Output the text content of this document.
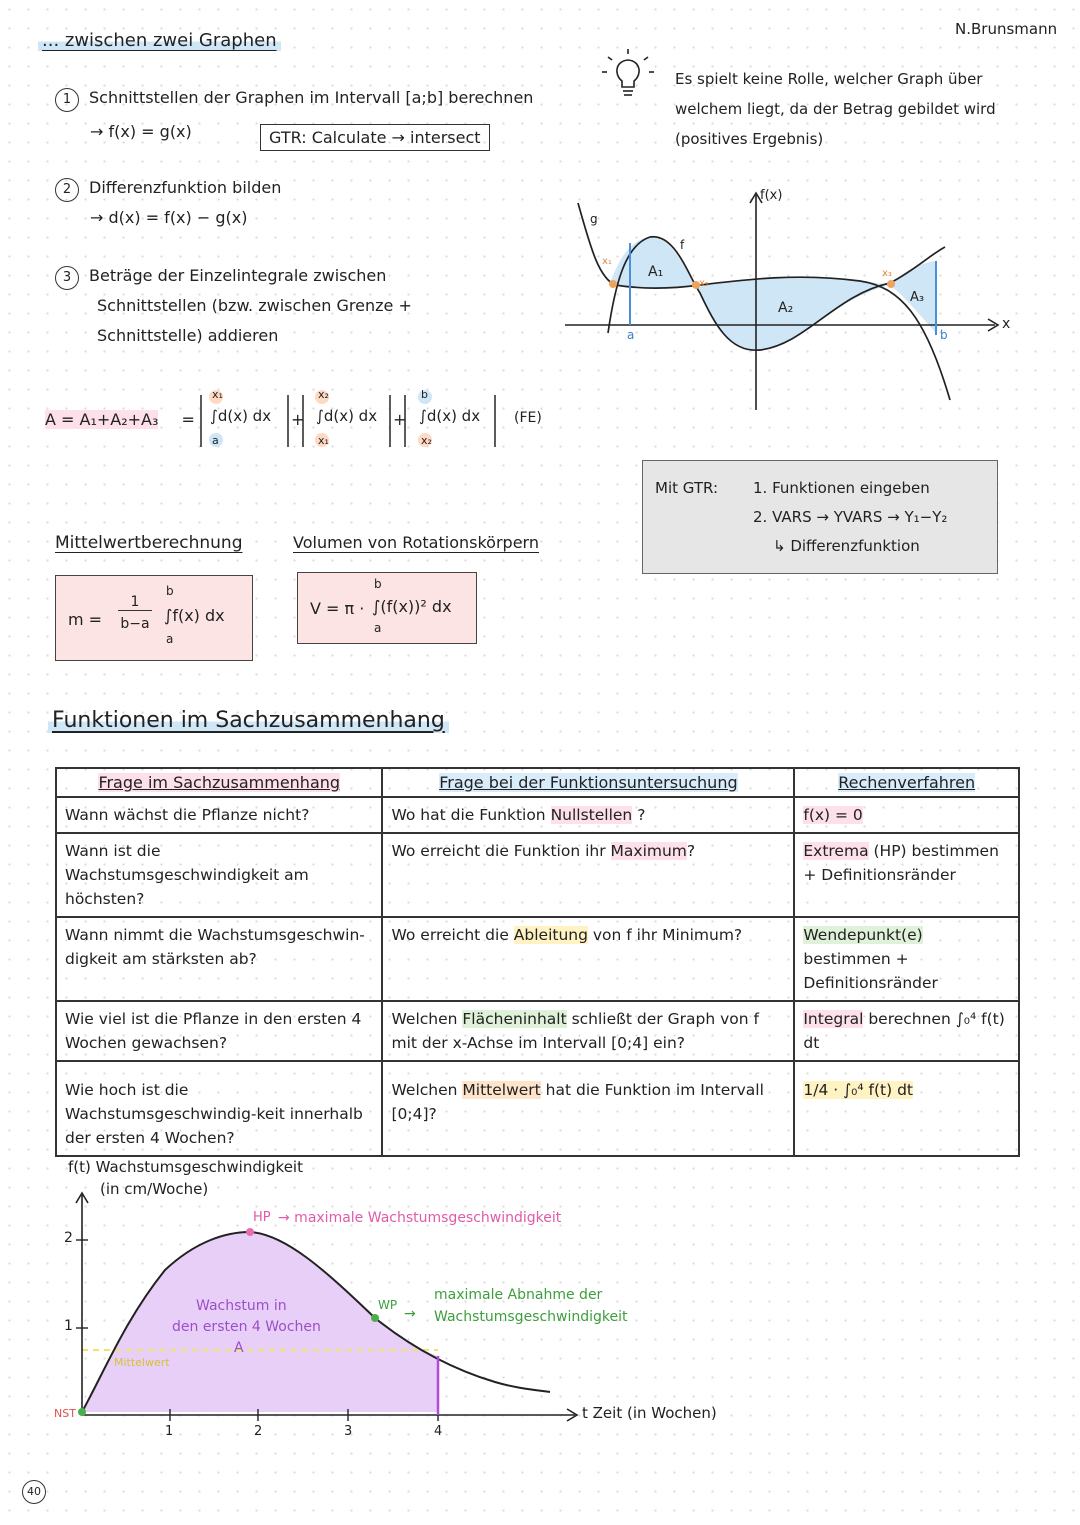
N.Brunsmann
... zwischen zwei Graphen
1 Schnittstellen der Graphen im Intervall [a;b] berechnen
→ f(x) = g(x)	GTR: Calculate → intersect
2 Differenzfunktion bilden
→ d(x) = f(x) − g(x)
3 Beträge der Einzelintegrale zwischen
Schnittstellen (bzw. zwischen Grenze +
Schnittstelle) addieren
A = A₁+A₂+A₃ =
x₁
∫d(x) dx
a
+
x₂
∫d(x) dx
x₁
+
b
∫d(x) dx
x₂
(FE)
Es spielt keine Rolle, welcher Graph über
welchem liegt, da der Betrag gebildet wird
(positives Ergebnis)
f(x)
x
g
f
a	b
x₁
x₂
x₃
A₁
A₂
A₃
Mit GTR: 1. Funktionen eingeben
2. VARS → YVARS → Y₁−Y₂
↳ Differenzfunktion
Mittelwertberechnung
m =
1
b−a
b
∫f(x) dx
a
Volumen von Rotationskörpern
V = π ·
b
∫(f(x))² dx
a
Funktionen im Sachzusammenhang
Frage im Sachzusammenhang	Frage bei der Funktionsuntersuchung	Rechenverfahren
Wann wächst die Pflanze nicht?	Wo hat die Funktion Nullstellen ?	f(x) = 0
Wann ist die Wachstumsgeschwindigkeit am höchsten?	Wo erreicht die Funktion ihr Maximum?	Extrema (HP) bestimmen + Definitionsränder
Wann nimmt die Wachstumsgeschwin-digkeit am stärksten ab?	Wo erreicht die Ableitung von f ihr Minimum?	Wendepunkt(e) bestimmen + Definitionsränder
Wie viel ist die Pflanze in den ersten 4 Wochen gewachsen?	Welchen Flächeninhalt schließt der Graph von f mit der x-Achse im Intervall [0;4] ein?	Integral berechnen ∫₀⁴ f(t) dt
Wie hoch ist die Wachstumsgeschwindig-keit innerhalb der ersten 4 Wochen?	Welchen Mittelwert hat die Funktion im Intervall [0;4]?	1/4 · ∫₀⁴ f(t) dt
f(t) Wachstumsgeschwindigkeit
(in cm/Woche)
2
1
1	2	3	4
NST	t Zeit (in Wochen)
HP → maximale Wachstumsgeschwindigkeit
WP
→
maximale Abnahme der
Wachstumsgeschwindigkeit
Wachstum in
den ersten 4 Wochen
A
Mittelwert
40
